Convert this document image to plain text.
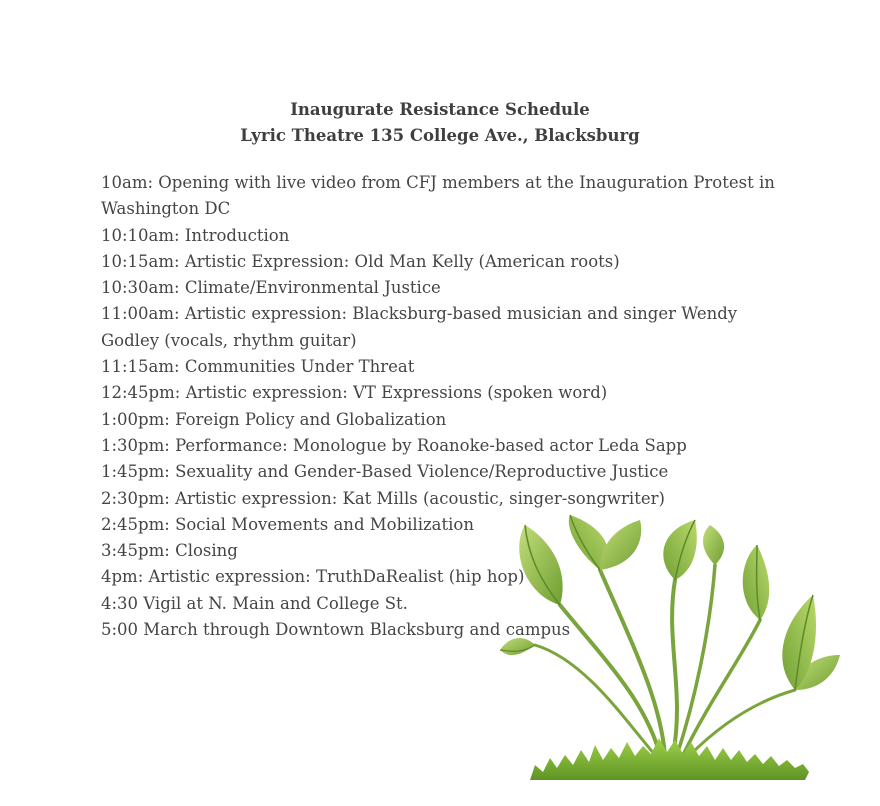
Inaugurate Resistance Schedule
Lyric Theatre 135 College Ave., Blacksburg
10am: Opening with live video from CFJ members at the Inauguration Protest in
Washington DC
10:10am: Introduction
10:15am: Artistic Expression: Old Man Kelly (American roots)
10:30am: Climate/Environmental Justice
11:00am: Artistic expression: Blacksburg-based musician and singer Wendy
Godley (vocals, rhythm guitar)
11:15am: Communities Under Threat
12:45pm: Artistic expression: VT Expressions (spoken word)
1:00pm: Foreign Policy and Globalization
1:30pm: Performance: Monologue by Roanoke-based actor Leda Sapp
1:45pm: Sexuality and Gender-Based Violence/Reproductive Justice
2:30pm: Artistic expression: Kat Mills (acoustic, singer-songwriter)
2:45pm: Social Movements and Mobilization
3:45pm: Closing
4pm: Artistic expression: TruthDaRealist (hip hop)
4:30 Vigil at N. Main and College St.
5:00 March through Downtown Blacksburg and campus
